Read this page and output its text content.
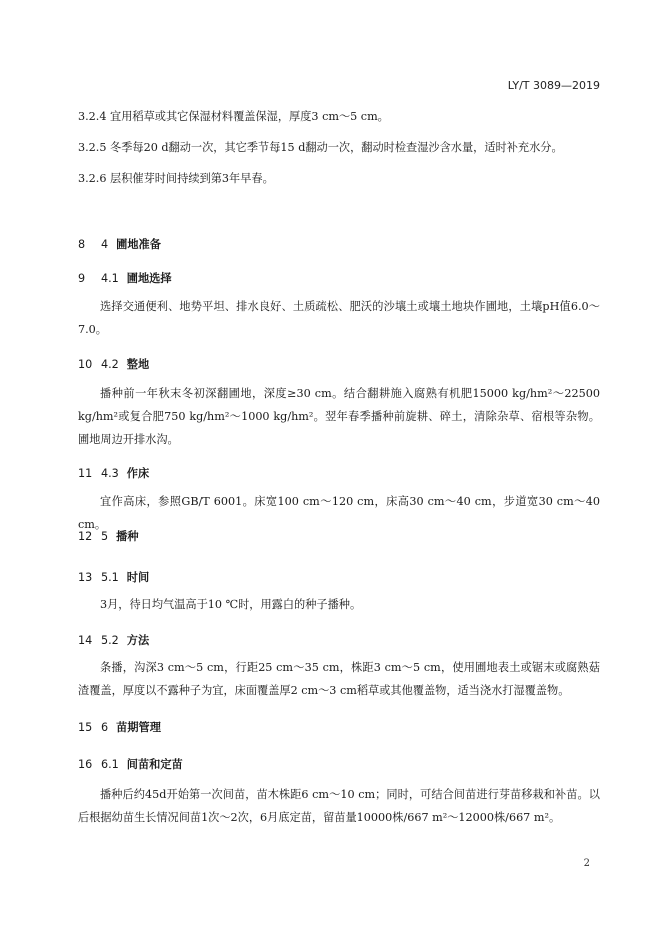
LY/T 3089—2019
3.2.4 宜用稻草或其它保湿材料覆盖保湿，厚度3 cm～5 cm。
3.2.5 冬季每20 d翻动一次，其它季节每15 d翻动一次，翻动时检查湿沙含水量，适时补充水分。
3.2.6 层积催芽时间持续到第3年早春。
8 4 圃地准备
9 4.1 圃地选择
选择交通便利、地势平坦、排水良好、土质疏松、肥沃的沙壤土或壤土地块作圃地，土壤pH值6.0～7.0。
10 4.2 整地
播种前一年秋末冬初深翻圃地，深度≥30 cm。结合翻耕施入腐熟有机肥15000 kg/hm²～22500 kg/hm²或复合肥750 kg/hm²～1000 kg/hm²。翌年春季播种前旋耕、碎土，清除杂草、宿根等杂物。圃地周边开排水沟。
11 4.3 作床
宜作高床，参照GB/T 6001。床宽100 cm～120 cm，床高30 cm～40 cm，步道宽30 cm～40 cm。
12 5 播种
13 5.1 时间
3月，待日均气温高于10 ℃时，用露白的种子播种。
14 5.2 方法
条播，沟深3 cm～5 cm，行距25 cm～35 cm，株距3 cm～5 cm，使用圃地表土或锯末或腐熟菇渣覆盖，厚度以不露种子为宜，床面覆盖厚2 cm～3 cm稻草或其他覆盖物，适当浇水打湿覆盖物。
15 6 苗期管理
16 6.1 间苗和定苗
播种后约45d开始第一次间苗，苗木株距6 cm～10 cm；同时，可结合间苗进行芽苗移栽和补苗。以后根据幼苗生长情况间苗1次～2次，6月底定苗，留苗量10000株/667 m²～12000株/667 m²。
2
